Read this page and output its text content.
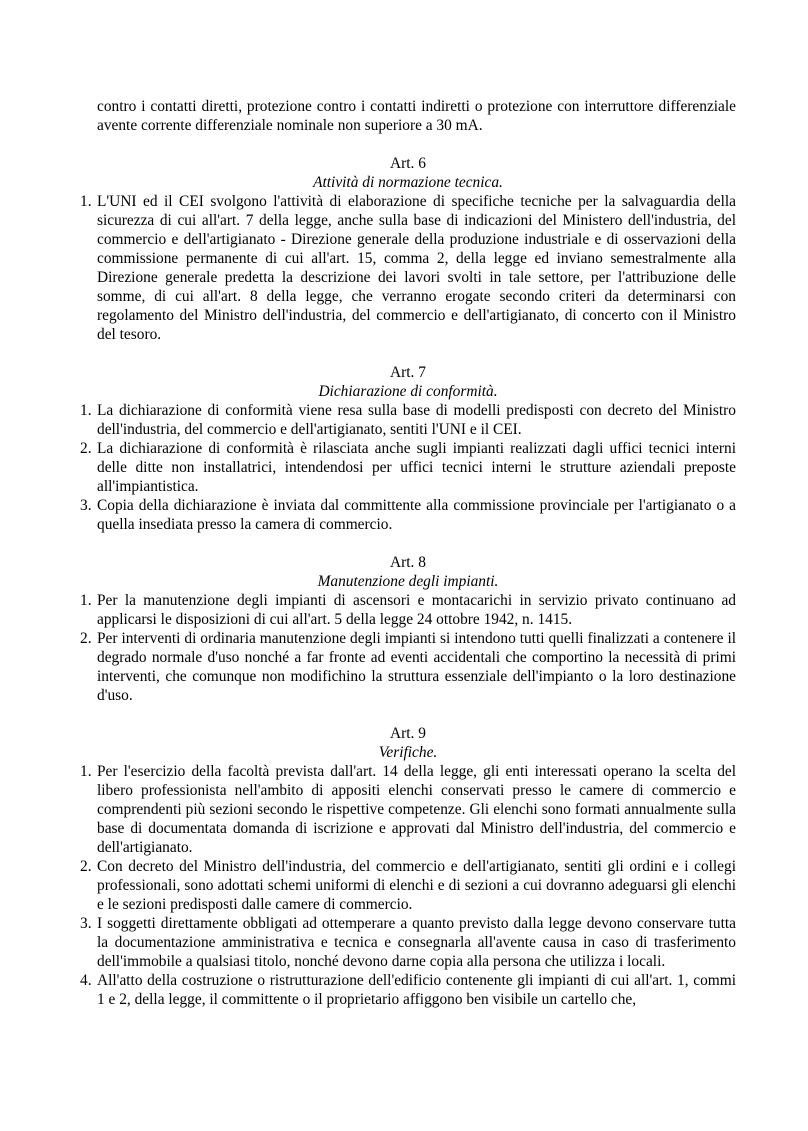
contro i contatti diretti, protezione contro i contatti indiretti o protezione con interruttore differenziale avente corrente differenziale nominale non superiore a 30 mA.

Art. 6

Attività di normazione tecnica.

1. L'UNI ed il CEI svolgono l'attività di elaborazione di specifiche tecniche per la salvaguardia della sicurezza di cui all'art. 7 della legge, anche sulla base di indicazioni del Ministero dell'industria, del commercio e dell'artigianato - Direzione generale della produzione industriale e di osservazioni della commissione permanente di cui all'art. 15, comma 2, della legge ed inviano semestralmente alla Direzione generale predetta la descrizione dei lavori svolti in tale settore, per l'attribuzione delle somme, di cui all'art. 8 della legge, che verranno erogate secondo criteri da determinarsi con regolamento del Ministro dell'industria, del commercio e dell'artigianato, di concerto con il Ministro del tesoro.

Art. 7

Dichiarazione di conformità.

1. La dichiarazione di conformità viene resa sulla base di modelli predisposti con decreto del Ministro dell'industria, del commercio e dell'artigianato, sentiti l'UNI e il CEI.
2. La dichiarazione di conformità è rilasciata anche sugli impianti realizzati dagli uffici tecnici interni delle ditte non installatrici, intendendosi per uffici tecnici interni le strutture aziendali preposte all'impiantistica.
3. Copia della dichiarazione è inviata dal committente alla commissione provinciale per l'artigianato o a quella insediata presso la camera di commercio.

Art. 8

Manutenzione degli impianti.

1. Per la manutenzione degli impianti di ascensori e montacarichi in servizio privato continuano ad applicarsi le disposizioni di cui all'art. 5 della legge 24 ottobre 1942, n. 1415.
2. Per interventi di ordinaria manutenzione degli impianti si intendono tutti quelli finalizzati a contenere il degrado normale d'uso nonché a far fronte ad eventi accidentali che comportino la necessità di primi interventi, che comunque non modifichino la struttura essenziale dell'impianto o la loro destinazione d'uso.

Art. 9

Verifiche.

1. Per l'esercizio della facoltà prevista dall'art. 14 della legge, gli enti interessati operano la scelta del libero professionista nell'ambito di appositi elenchi conservati presso le camere di commercio e comprendenti più sezioni secondo le rispettive competenze. Gli elenchi sono formati annualmente sulla base di documentata domanda di iscrizione e approvati dal Ministro dell'industria, del commercio e dell'artigianato.
2. Con decreto del Ministro dell'industria, del commercio e dell'artigianato, sentiti gli ordini e i collegi professionali, sono adottati schemi uniformi di elenchi e di sezioni a cui dovranno adeguarsi gli elenchi e le sezioni predisposti dalle camere di commercio.
3. I soggetti direttamente obbligati ad ottemperare a quanto previsto dalla legge devono conservare tutta la documentazione amministrativa e tecnica e consegnarla all'avente causa in caso di trasferimento dell'immobile a qualsiasi titolo, nonché devono darne copia alla persona che utilizza i locali.
4. All'atto della costruzione o ristrutturazione dell'edificio contenente gli impianti di cui all'art. 1, commi 1 e 2, della legge, il committente o il proprietario affiggono ben visibile un cartello che,
